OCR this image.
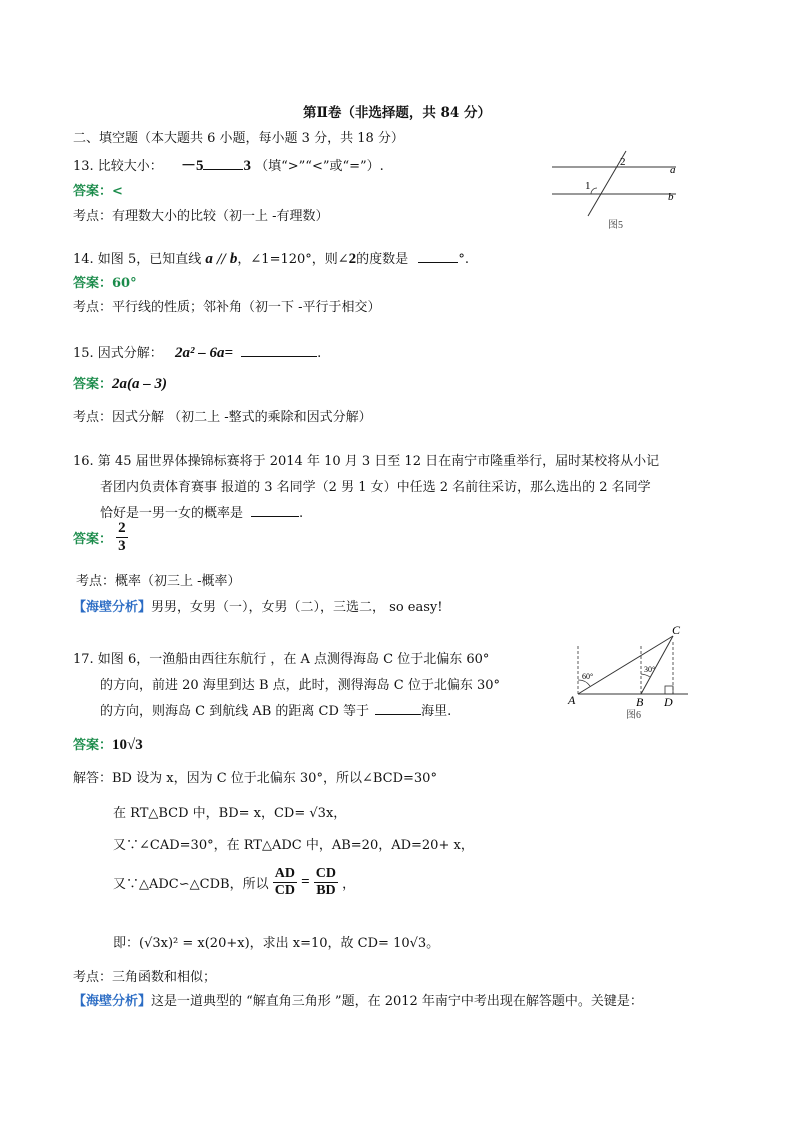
第Ⅱ卷（非选择题，共 84 分）
二、填空题（本大题共 6 小题，每小题 3 分，共 18 分）
13. 比较大小： －5	3 （填“>”“<”或“=”）.
答案：<
考点：有理数大小的比较（初一上 -有理数）
2
1
a
b
图5
14. 如图 5，已知直线 a // b，∠1=120°，则∠2的度数是	°.
答案：60°
考点：平行线的性质；邻补角（初一下 -平行于相交）
15. 因式分解： 2a² – 6a=	.
答案：2a(a – 3)
考点：因式分解 （初二上 -整式的乘除和因式分解）
16. 第 45 届世界体操锦标赛将于 2014 年 10 月 3 日至 12 日在南宁市隆重举行，届时某校将从小记
者团内负责体育赛事 报道的 3 名同学（2 男 1 女）中任选 2 名前往采访，那么选出的 2 名同学
恰好是一男一女的概率是	.
答案： $\frac{2}{3}$
考点：概率（初三上 -概率）
【海壁分析】男男，女男（一），女男（二），三选二， so easy!
17. 如图 6，一渔船由西往东航行 ，在 A 点测得海岛 C 位于北偏东 60°
的方向，前进 20 海里到达 B 点，此时，测得海岛 C 位于北偏东 30°
的方向，则海岛 C 到航线 AB 的距离 CD 等于	海里.
C
A	B D
60°
30°
图6
答案：10√3
解答：BD 设为 x，因为 C 位于北偏东 30°，所以∠BCD=30°
在 RT△BCD 中，BD= x，CD= √3x，
又∵∠CAD=30°，在 RT△ADC 中，AB=20，AD=20+ x，
又∵△ADC∽△CDB，所以 $\frac{AD}{CD} = \frac{CD}{BD}$ ，
即：(√3x)² = x(20+x)，求出 x=10，故 CD= 10√3。
考点：三角函数和相似；
【海壁分析】这是一道典型的 “解直角三角形 ”题，在 2012 年南宁中考出现在解答题中。关键是：
